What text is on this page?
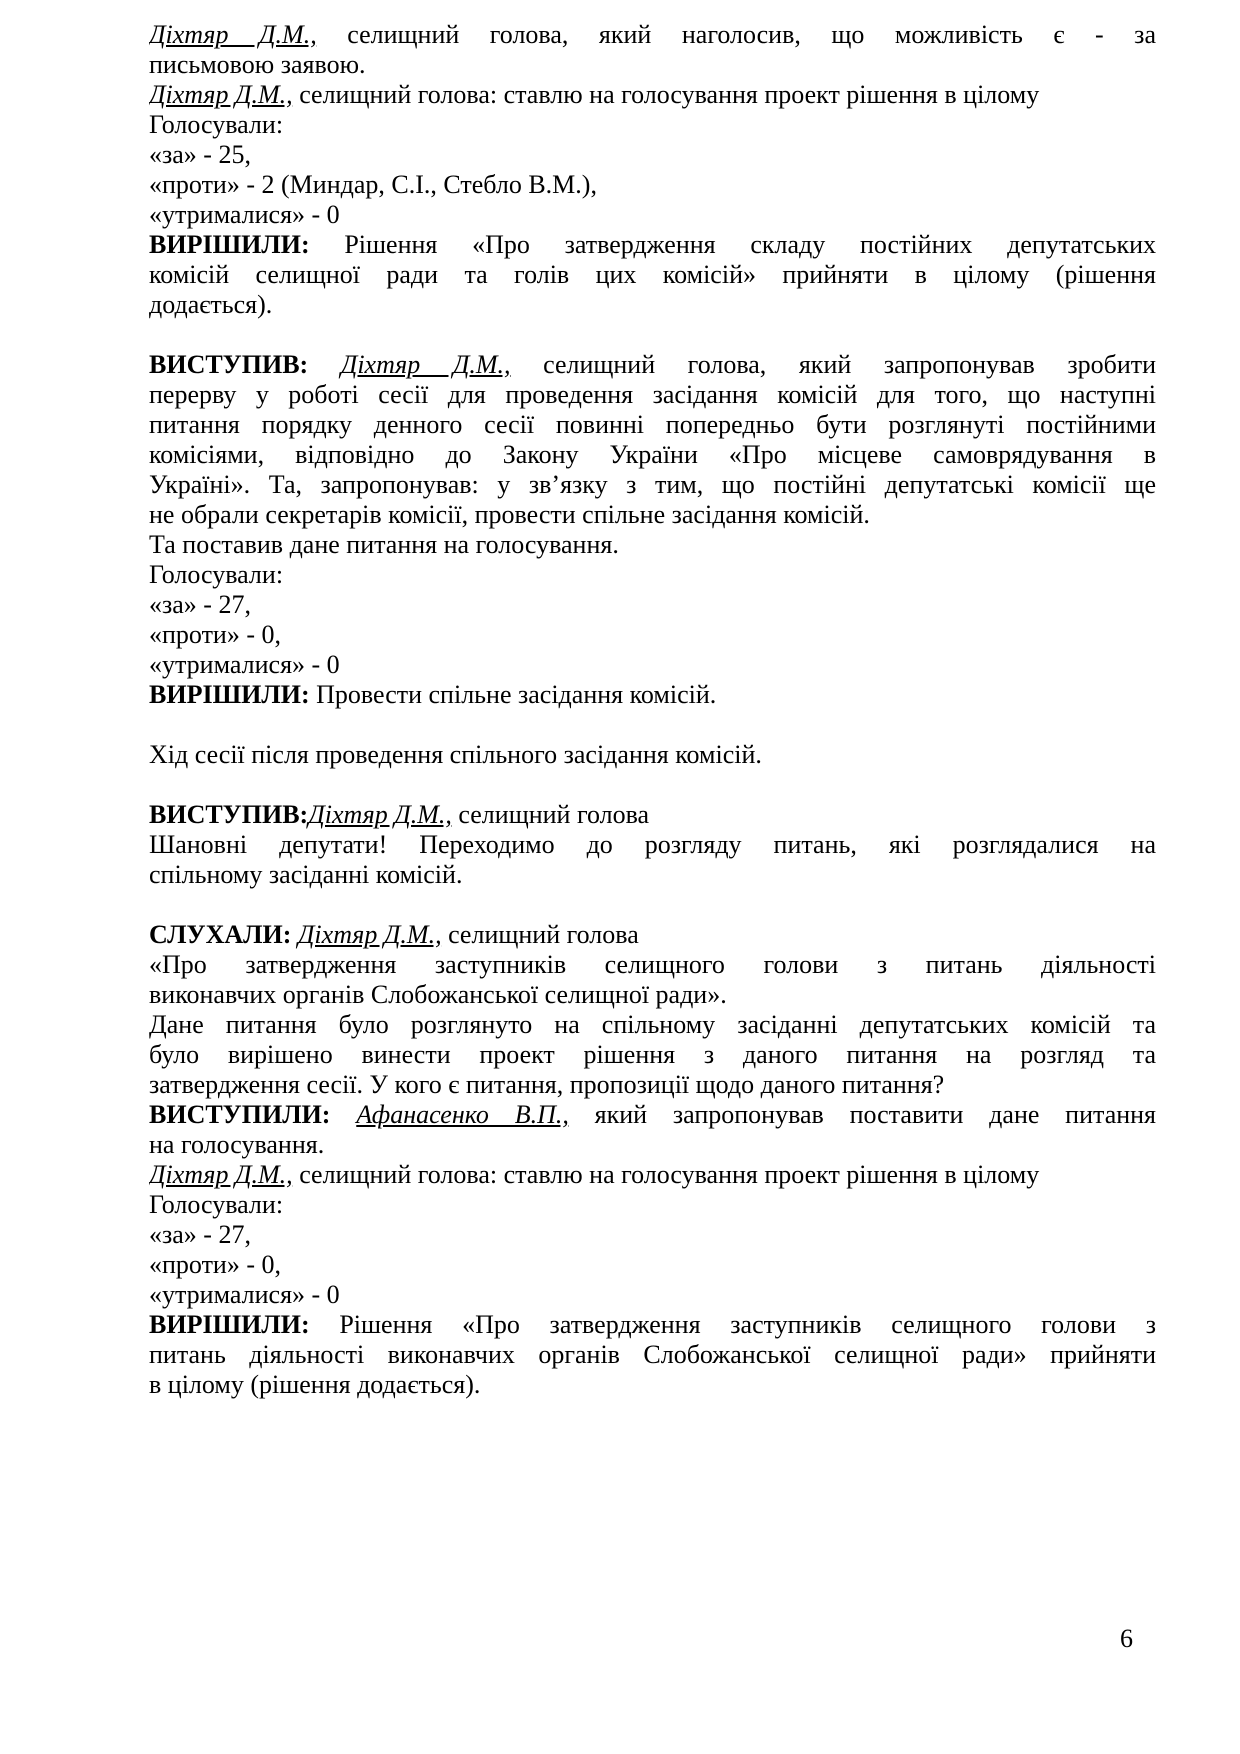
Діхтяр Д.М., селищний голова, який наголосив, що можливість є - за
письмовою заявою.
Діхтяр Д.М., селищний голова: ставлю на голосування проект рішення в цілому
Голосували:
«за» - 25,
«проти» - 2 (Миндар, С.І., Стебло В.М.),
«утрималися» - 0
ВИРІШИЛИ: Рішення «Про затвердження складу постійних депутатських
комісій селищної ради та голів цих комісій» прийняти в цілому (рішення
додається).
ВИСТУПИВ: Діхтяр Д.М., селищний голова, який запропонував зробити
перерву у роботі сесії для проведення засідання комісій для того, що наступні
питання порядку денного сесії повинні попередньо бути розглянуті постійними
комісіями, відповідно до Закону України «Про місцеве самоврядування в
Україні». Та, запропонував: у зв’язку з тим, що постійні депутатські комісії ще
не обрали секретарів комісії, провести спільне засідання комісій.
Та поставив дане питання на голосування.
Голосували:
«за» - 27,
«проти» - 0,
«утрималися» - 0
ВИРІШИЛИ: Провести спільне засідання комісій.
Хід сесії після проведення спільного засідання комісій.
ВИСТУПИВ:Діхтяр Д.М., селищний голова
Шановні депутати! Переходимо до розгляду питань, які розглядалися на
спільному засіданні комісій.
СЛУХАЛИ: Діхтяр Д.М., селищний голова
«Про затвердження заступників селищного голови з питань діяльності
виконавчих органів Слобожанської селищної ради».
Дане питання було розглянуто на спільному засіданні депутатських комісій та
було вирішено винести проект рішення з даного питання на розгляд та
затвердження сесії. У кого є питання, пропозиції щодо даного питання?
ВИСТУПИЛИ: Афанасенко В.П., який запропонував поставити дане питання
на голосування.
Діхтяр Д.М., селищний голова: ставлю на голосування проект рішення в цілому
Голосували:
«за» - 27,
«проти» - 0,
«утрималися» - 0
ВИРІШИЛИ: Рішення «Про затвердження заступників селищного голови з
питань діяльності виконавчих органів Слобожанської селищної ради» прийняти
в цілому (рішення додається).
6
